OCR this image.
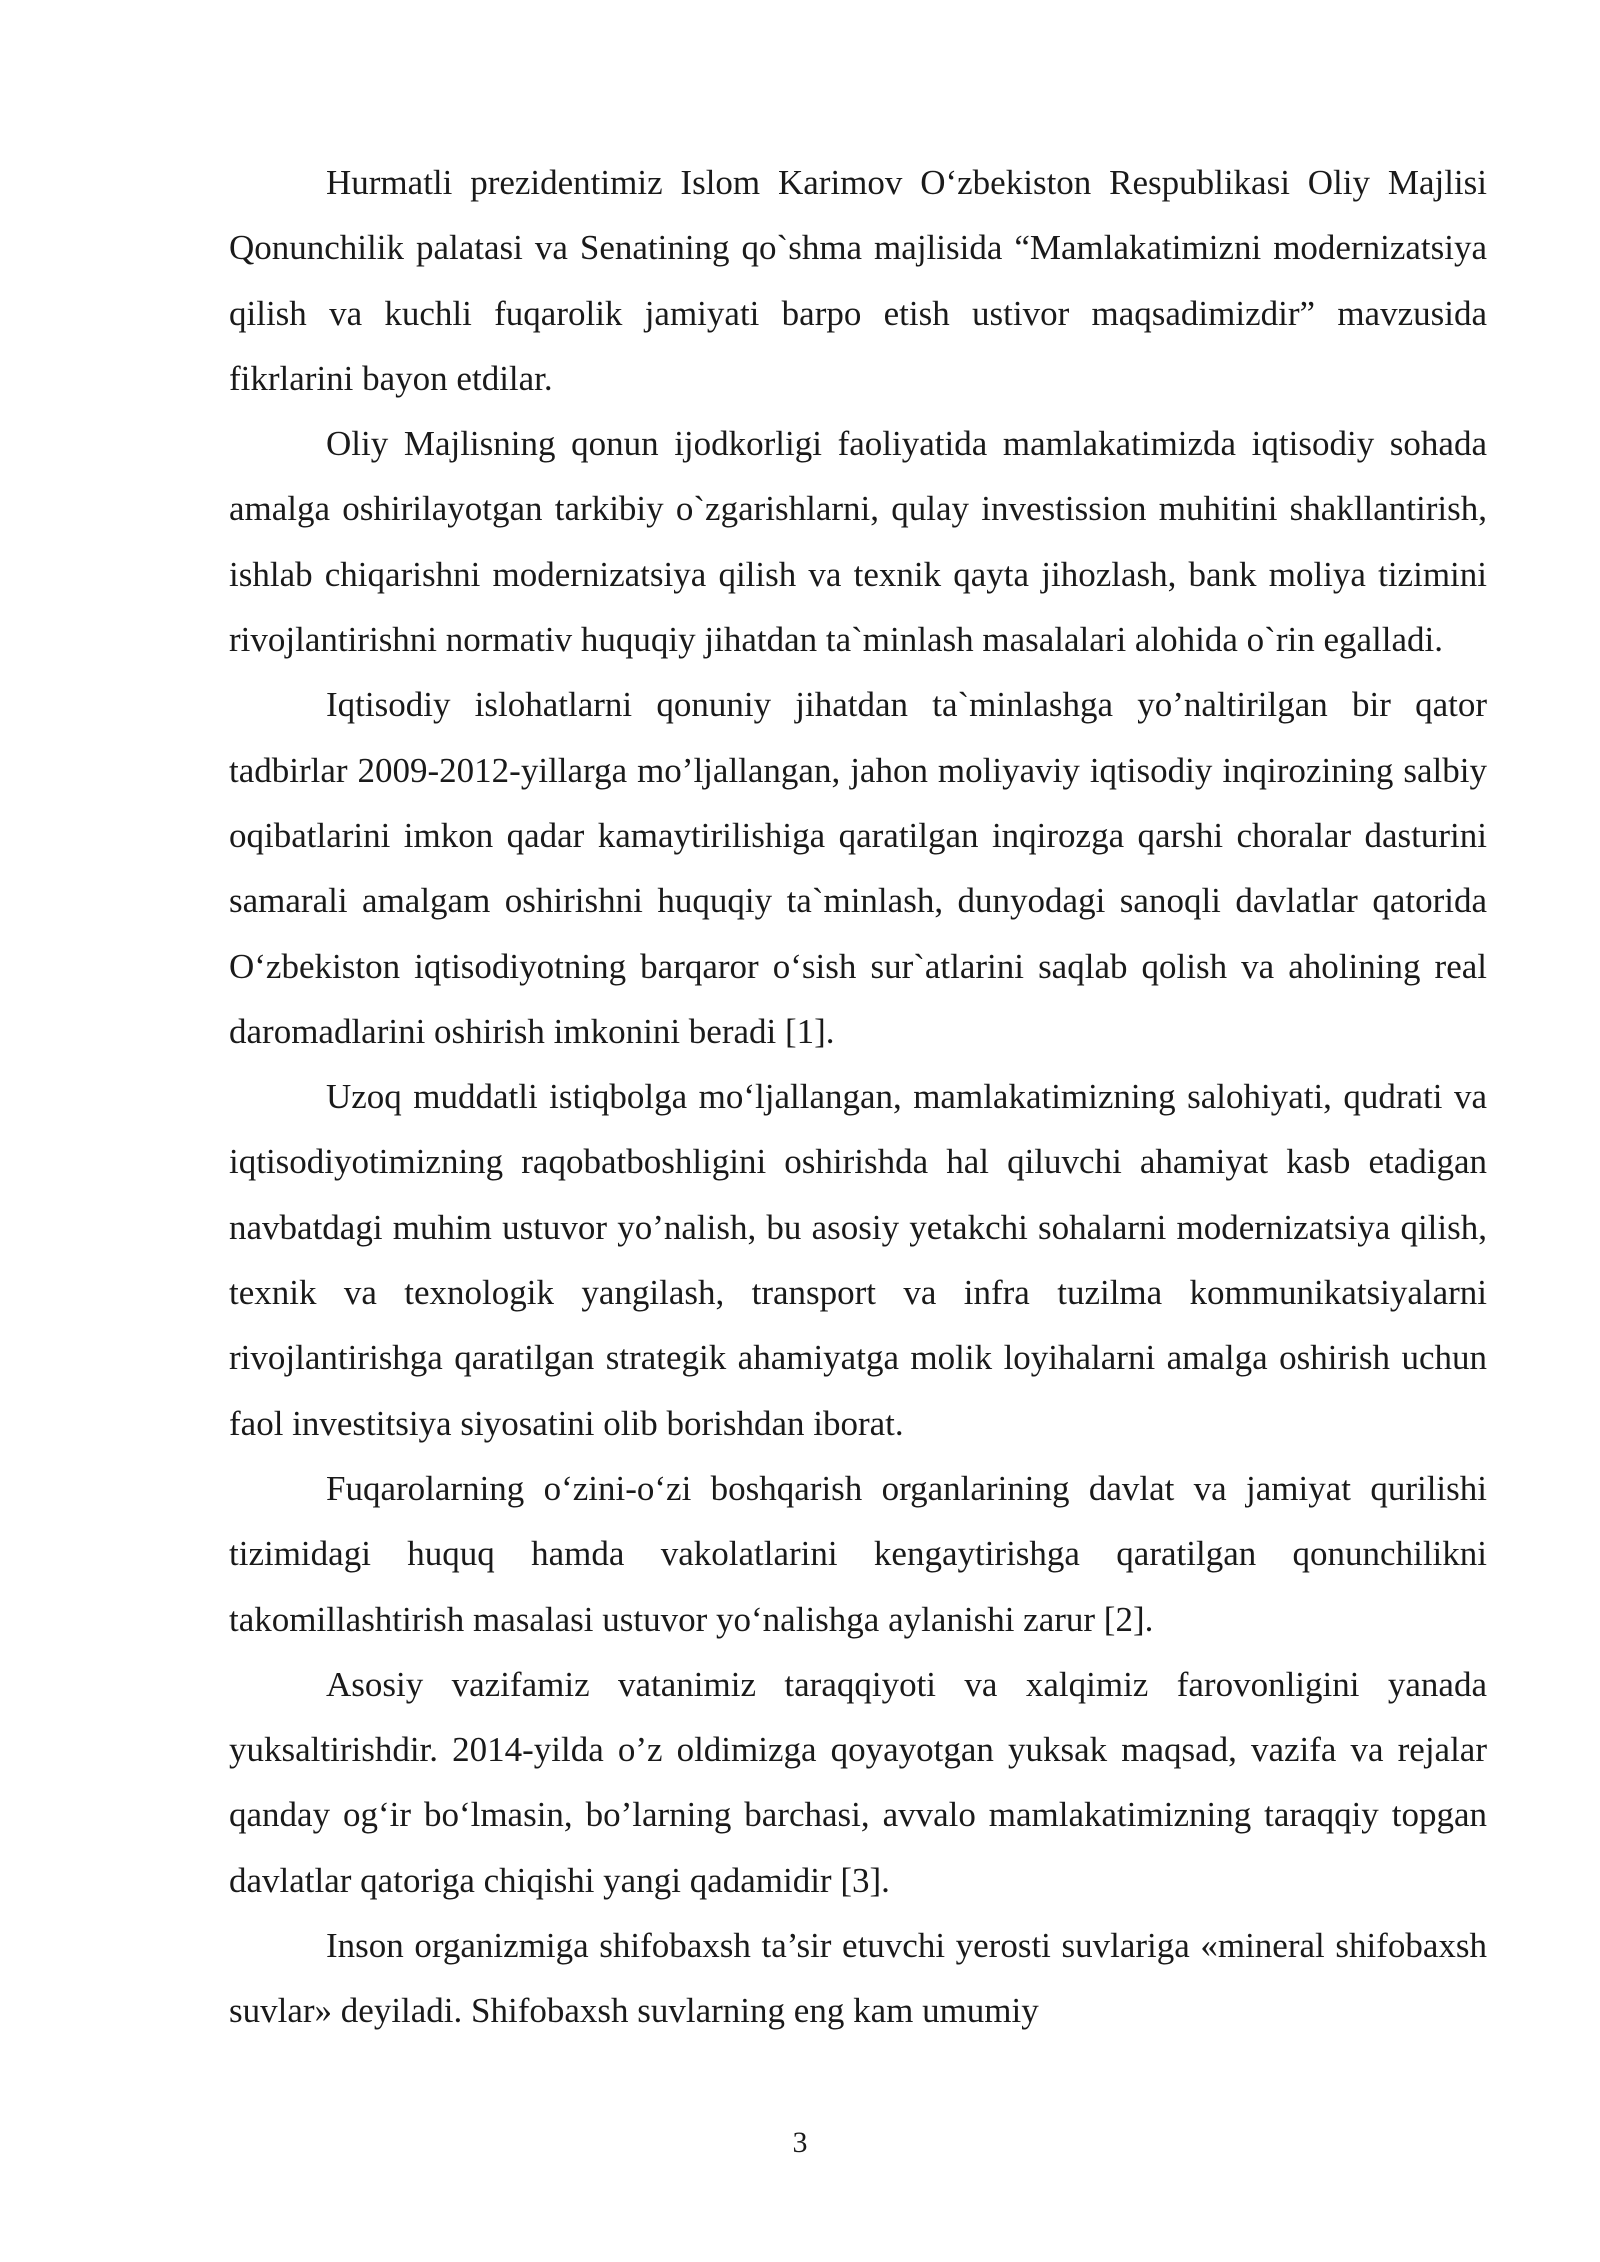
Hurmatli prezidentimiz Islom Karimov O‘zbekiston Respublikasi Oliy Majlisi Qonunchilik palatasi va Senatining qo`shma majlisida “Mamlakatimizni modernizatsiya qilish va kuchli fuqarolik jamiyati barpo etish ustivor maqsadimizdir” mavzusida fikrlarini bayon etdilar.

Oliy Majlisning qonun ijodkorligi faoliyatida mamlakatimizda iqtisodiy sohada amalga oshirilayotgan tarkibiy o`zgarishlarni, qulay investission muhitini shakllantirish, ishlab chiqarishni modernizatsiya qilish va texnik qayta jihozlash, bank moliya tizimini rivojlantirishni normativ huquqiy jihatdan ta`minlash masalalari alohida o`rin egalladi.

Iqtisodiy islohatlarni qonuniy jihatdan ta`minlashga yo’naltirilgan bir qator tadbirlar 2009-2012-yillarga mo’ljallangan, jahon moliyaviy iqtisodiy inqirozining salbiy oqibatlarini imkon qadar kamaytirilishiga qaratilgan inqirozga qarshi choralar dasturini samarali amalgam oshirishni huquqiy ta`minlash, dunyodagi sanoqli davlatlar qatorida O‘zbekiston iqtisodiyotning barqaror o‘sish sur`atlarini saqlab qolish va aholining real daromadlarini oshirish imkonini beradi [1].

Uzoq muddatli istiqbolga mo‘ljallangan, mamlakatimizning salohiyati, qudrati va iqtisodiyotimizning raqobatboshligini oshirishda hal qiluvchi ahamiyat kasb etadigan navbatdagi muhim ustuvor yo’nalish, bu asosiy yetakchi sohalarni modernizatsiya qilish, texnik va texnologik yangilash, transport va infra tuzilma kommunikatsiyalarni rivojlantirishga qaratilgan strategik ahamiyatga molik loyihalarni amalga oshirish uchun faol investitsiya siyosatini olib borishdan iborat.

Fuqarolarning o‘zini-o‘zi boshqarish organlarining davlat va jamiyat qurilishi tizimidagi huquq hamda vakolatlarini kengaytirishga qaratilgan qonunchilikni takomillashtirish masalasi ustuvor yo‘nalishga aylanishi zarur [2].

Asosiy vazifamiz vatanimiz taraqqiyoti va xalqimiz farovonligini yanada yuksaltirishdir. 2014-yilda o’z oldimizga qoyayotgan yuksak maqsad, vazifa va rejalar qanday og‘ir bo‘lmasin, bo’larning barchasi, avvalo mamlakatimizning taraqqiy topgan davlatlar qatoriga chiqishi yangi qadamidir [3].

Inson organizmiga shifobaxsh ta’sir etuvchi yerosti suvlariga «mineral shifobaxsh suvlar» deyiladi. Shifobaxsh suvlarning eng kam umumiy

3
